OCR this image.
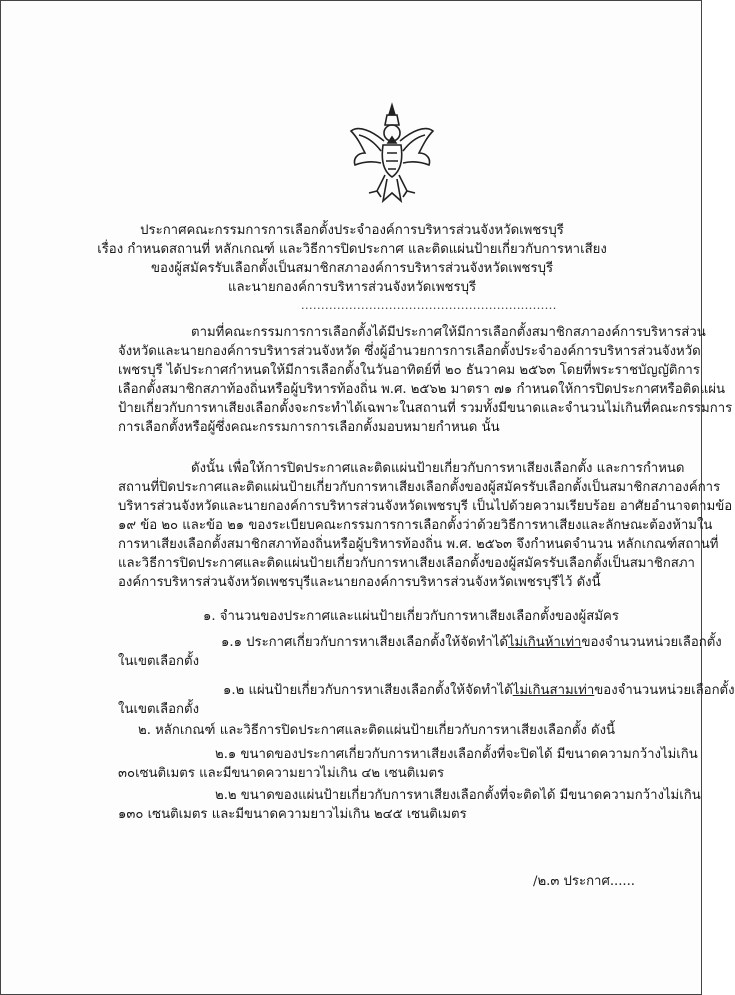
ประกาศคณะกรรมการการเลือกตั้งประจำองค์การบริหารส่วนจังหวัดเพชรบุรี
เรื่อง กำหนดสถานที่ หลักเกณฑ์ และวิธีการปิดประกาศ และติดแผ่นป้ายเกี่ยวกับการหาเสียง
ของผู้สมัครรับเลือกตั้งเป็นสมาชิกสภาองค์การบริหารส่วนจังหวัดเพชรบุรี
และนายกองค์การบริหารส่วนจังหวัดเพชรบุรี
................................................................
ตามที่คณะกรรมการการเลือกตั้งได้มีประกาศให้มีการเลือกตั้งสมาชิกสภาองค์การบริหารส่วน
จังหวัดและนายกองค์การบริหารส่วนจังหวัด ซึ่งผู้อำนวยการการเลือกตั้งประจำองค์การบริหารส่วนจังหวัด
เพชรบุรี ได้ประกาศกำหนดให้มีการเลือกตั้งในวันอาทิตย์ที่ ๒๐ ธันวาคม ๒๕๖๓ โดยที่พระราชบัญญัติการ
เลือกตั้งสมาชิกสภาท้องถิ่นหรือผู้บริหารท้องถิ่น พ.ศ. ๒๕๖๒ มาตรา ๗๑ กำหนดให้การปิดประกาศหรือติดแผ่น
ป้ายเกี่ยวกับการหาเสียงเลือกตั้งจะกระทำได้เฉพาะในสถานที่ รวมทั้งมีขนาดและจำนวนไม่เกินที่คณะกรรมการ
การเลือกตั้งหรือผู้ซึ่งคณะกรรมการการเลือกตั้งมอบหมายกำหนด นั้น
ดังนั้น เพื่อให้การปิดประกาศและติดแผ่นป้ายเกี่ยวกับการหาเสียงเลือกตั้ง และการกำหนด
สถานที่ปิดประกาศและติดแผ่นป้ายเกี่ยวกับการหาเสียงเลือกตั้งของผู้สมัครรับเลือกตั้งเป็นสมาชิกสภาองค์การ
บริหารส่วนจังหวัดและนายกองค์การบริหารส่วนจังหวัดเพชรบุรี เป็นไปด้วยความเรียบร้อย อาศัยอำนาจตามข้อ
๑๙ ข้อ ๒๐ และข้อ ๒๑ ของระเบียบคณะกรรมการการเลือกตั้งว่าด้วยวิธีการหาเสียงและลักษณะต้องห้ามใน
การหาเสียงเลือกตั้งสมาชิกสภาท้องถิ่นหรือผู้บริหารท้องถิ่น พ.ศ. ๒๕๖๓ จึงกำหนดจำนวน หลักเกณฑ์สถานที่
และวิธีการปิดประกาศและติดแผ่นป้ายเกี่ยวกับการหาเสียงเลือกตั้งของผู้สมัครรับเลือกตั้งเป็นสมาชิกสภา
องค์การบริหารส่วนจังหวัดเพชรบุรีและนายกองค์การบริหารส่วนจังหวัดเพชรบุรีไว้ ดังนี้
๑. จำนวนของประกาศและแผ่นป้ายเกี่ยวกับการหาเสียงเลือกตั้งของผู้สมัคร
๑.๑ ประกาศเกี่ยวกับการหาเสียงเลือกตั้งให้จัดทำได้ไม่เกินห้าเท่าของจำนวนหน่วยเลือกตั้ง
ในเขตเลือกตั้ง
๑.๒ แผ่นป้ายเกี่ยวกับการหาเสียงเลือกตั้งให้จัดทำได้ไม่เกินสามเท่าของจำนวนหน่วยเลือกตั้ง
ในเขตเลือกตั้ง
๒. หลักเกณฑ์ และวิธีการปิดประกาศและติดแผ่นป้ายเกี่ยวกับการหาเสียงเลือกตั้ง ดังนี้
๒.๑ ขนาดของประกาศเกี่ยวกับการหาเสียงเลือกตั้งที่จะปิดได้ มีขนาดความกว้างไม่เกิน
๓๐เซนติเมตร และมีขนาดความยาวไม่เกิน ๔๒ เซนติเมตร
๒.๒ ขนาดของแผ่นป้ายเกี่ยวกับการหาเสียงเลือกตั้งที่จะติดได้ มีขนาดความกว้างไม่เกิน
๑๓๐ เซนติเมตร และมีขนาดความยาวไม่เกิน ๒๔๕ เซนติเมตร
/๒.๓ ประกาศ......
